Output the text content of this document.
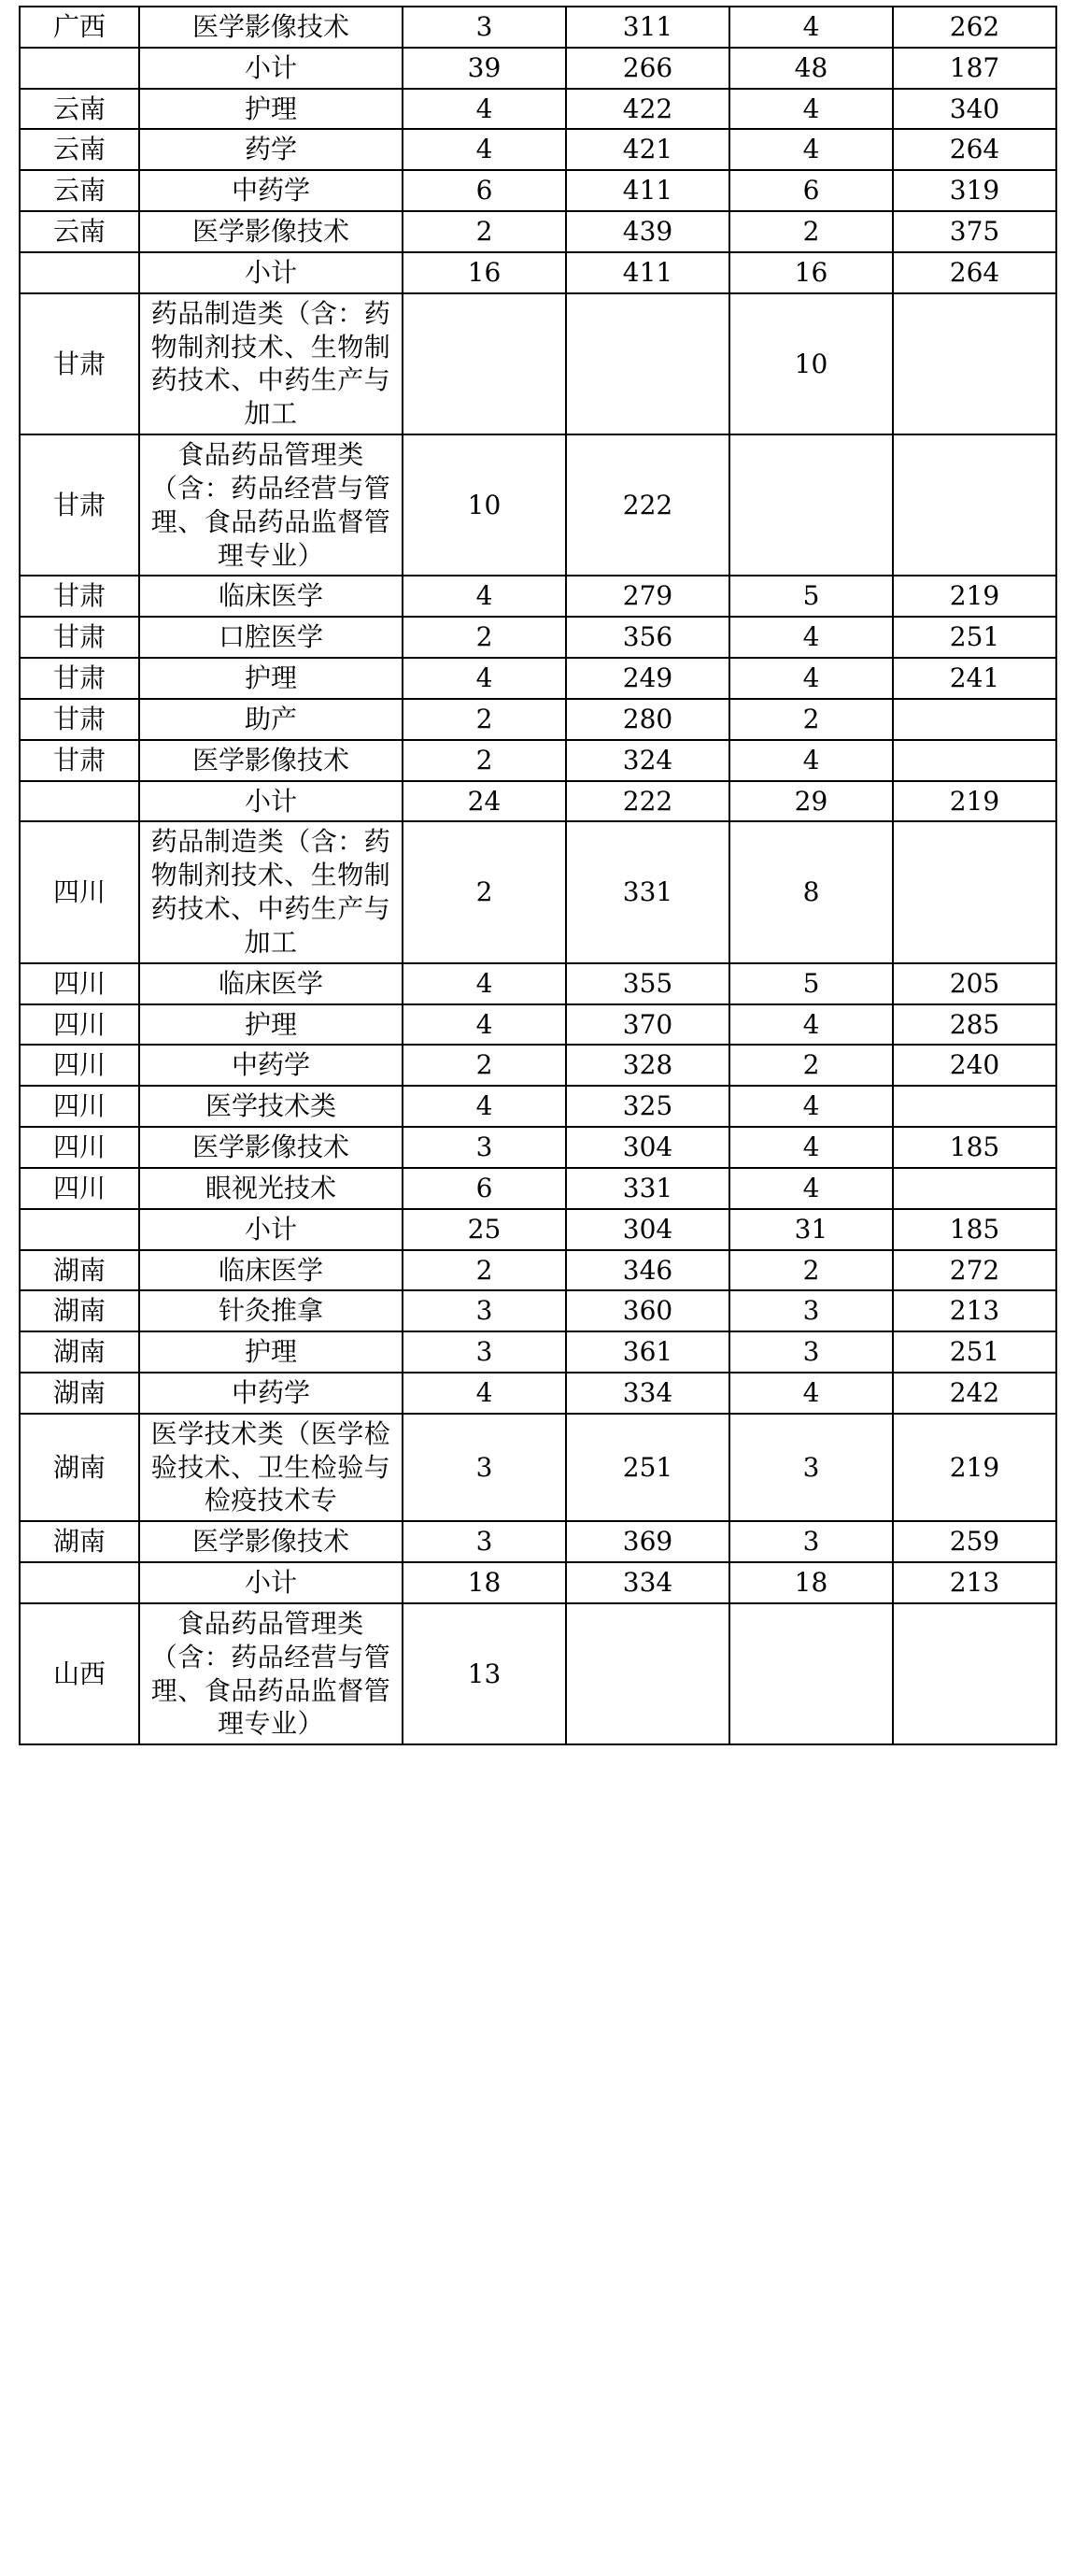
广西	医学影像技术	3	311	4	262
	小计	39	266	48	187
云南	护理	4	422	4	340
云南	药学	4	421	4	264
云南	中药学	6	411	6	319
云南	医学影像技术	2	439	2	375
	小计	16	411	16	264
甘肃	药品制造类（含：药物制剂技术、生物制药技术、中药生产与加工			10	
甘肃	食品药品管理类（含：药品经营与管理、食品药品监督管理专业）	10	222		
甘肃	临床医学	4	279	5	219
甘肃	口腔医学	2	356	4	251
甘肃	护理	4	249	4	241
甘肃	助产	2	280	2	
甘肃	医学影像技术	2	324	4	
	小计	24	222	29	219
四川	药品制造类（含：药物制剂技术、生物制药技术、中药生产与加工	2	331	8	
四川	临床医学	4	355	5	205
四川	护理	4	370	4	285
四川	中药学	2	328	2	240
四川	医学技术类	4	325	4	
四川	医学影像技术	3	304	4	185
四川	眼视光技术	6	331	4	
	小计	25	304	31	185
湖南	临床医学	2	346	2	272
湖南	针灸推拿	3	360	3	213
湖南	护理	3	361	3	251
湖南	中药学	4	334	4	242
湖南	医学技术类（医学检验技术、卫生检验与检疫技术专	3	251	3	219
湖南	医学影像技术	3	369	3	259
	小计	18	334	18	213
山西	食品药品管理类（含：药品经营与管理、食品药品监督管理专业）	13			
